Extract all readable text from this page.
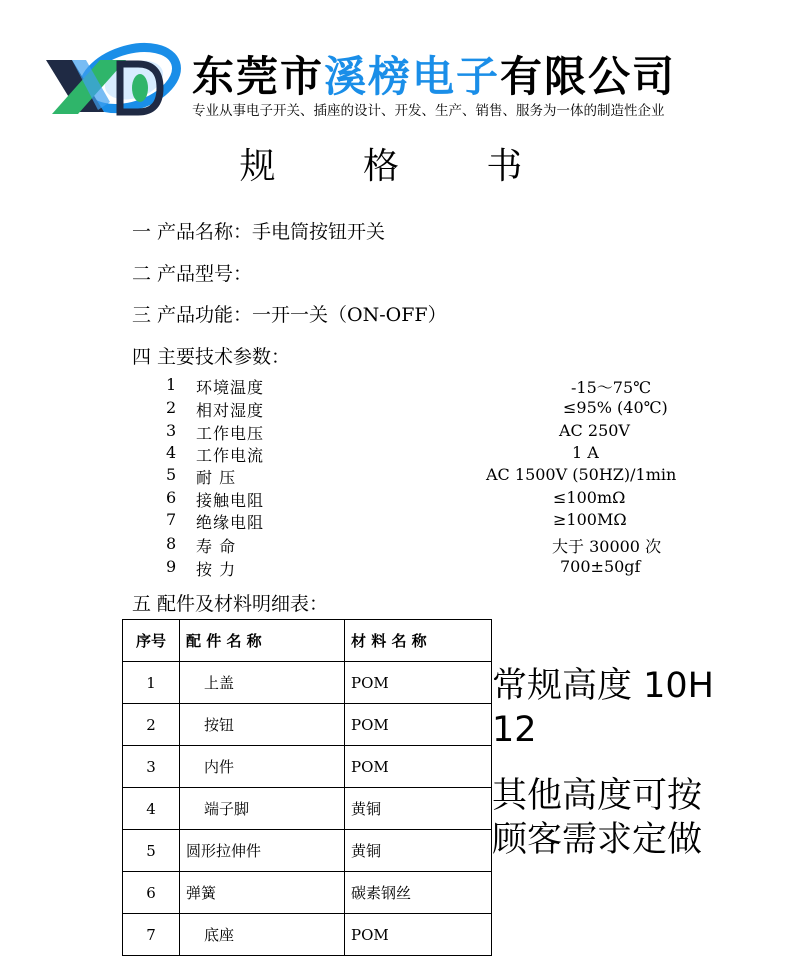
东莞市溪榜电子有限公司
专业从事电子开关、插座的设计、开发、生产、销售、服务为一体的制造性企业
规 格 书
一 产品名称：手电筒按钮开关
二 产品型号：
三 产品功能：一开一关（ON-OFF）
四 主要技术参数：
1 环境温度	-15～75℃
2 相对湿度	≤95% (40℃)
3 工作电压	AC 250V
4 工作电流	1 A
5 耐 压	AC 1500V (50HZ)/1min
6 接触电阻	≤100mΩ
7 绝缘电阻	≥100MΩ
8 寿 命	大于 30000 次
9 按 力	700±50gf
五 配件及材料明细表：
序号	配 件 名 称	材 料 名 称
1	上盖	POM
2	按钮	POM
3	内件	POM
4	端子脚	黄铜
5	圆形拉伸件	黄铜
6	弹簧	碳素钢丝
7	底座	POM
常规高度 10H
12
其他高度可按
顾客需求定做
